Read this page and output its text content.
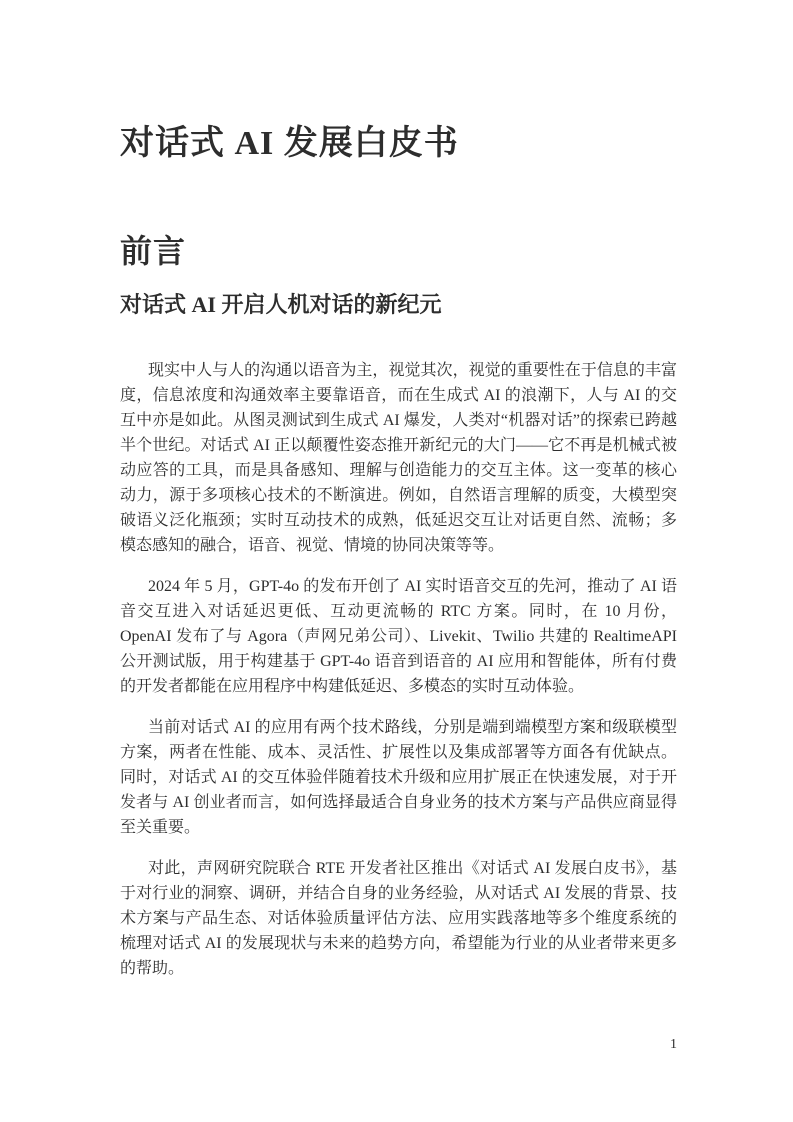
对话式 AI 发展白皮书
前言
对话式 AI 开启人机对话的新纪元

现实中人与人的沟通以语音为主，视觉其次，视觉的重要性在于信息的丰富度，信息浓度和沟通效率主要靠语音，而在生成式 AI 的浪潮下，人与 AI 的交互中亦是如此。从图灵测试到生成式 AI 爆发，人类对“机器对话”的探索已跨越半个世纪。对话式 AI 正以颠覆性姿态推开新纪元的大门——它不再是机械式被动应答的工具，而是具备感知、理解与创造能力的交互主体。这一变革的核心动力，源于多项核心技术的不断演进。例如，自然语言理解的质变，大模型突破语义泛化瓶颈；实时互动技术的成熟，低延迟交互让对话更自然、流畅；多模态感知的融合，语音、视觉、情境的协同决策等等。

2024 年 5 月，GPT-4o 的发布开创了 AI 实时语音交互的先河，推动了 AI 语音交互进入对话延迟更低、互动更流畅的 RTC 方案。同时，在 10 月份，OpenAI 发布了与 Agora（声网兄弟公司）、Livekit、Twilio 共建的 RealtimeAPI 公开测试版，用于构建基于 GPT-4o 语音到语音的 AI 应用和智能体，所有付费的开发者都能在应用程序中构建低延迟、多模态的实时互动体验。

当前对话式 AI 的应用有两个技术路线，分别是端到端模型方案和级联模型方案，两者在性能、成本、灵活性、扩展性以及集成部署等方面各有优缺点。同时，对话式 AI 的交互体验伴随着技术升级和应用扩展正在快速发展，对于开发者与 AI 创业者而言，如何选择最适合自身业务的技术方案与产品供应商显得至关重要。

对此，声网研究院联合 RTE 开发者社区推出《对话式 AI 发展白皮书》，基于对行业的洞察、调研，并结合自身的业务经验，从对话式 AI 发展的背景、技术方案与产品生态、对话体验质量评估方法、应用实践落地等多个维度系统的梳理对话式 AI 的发展现状与未来的趋势方向，希望能为行业的从业者带来更多的帮助。

1
